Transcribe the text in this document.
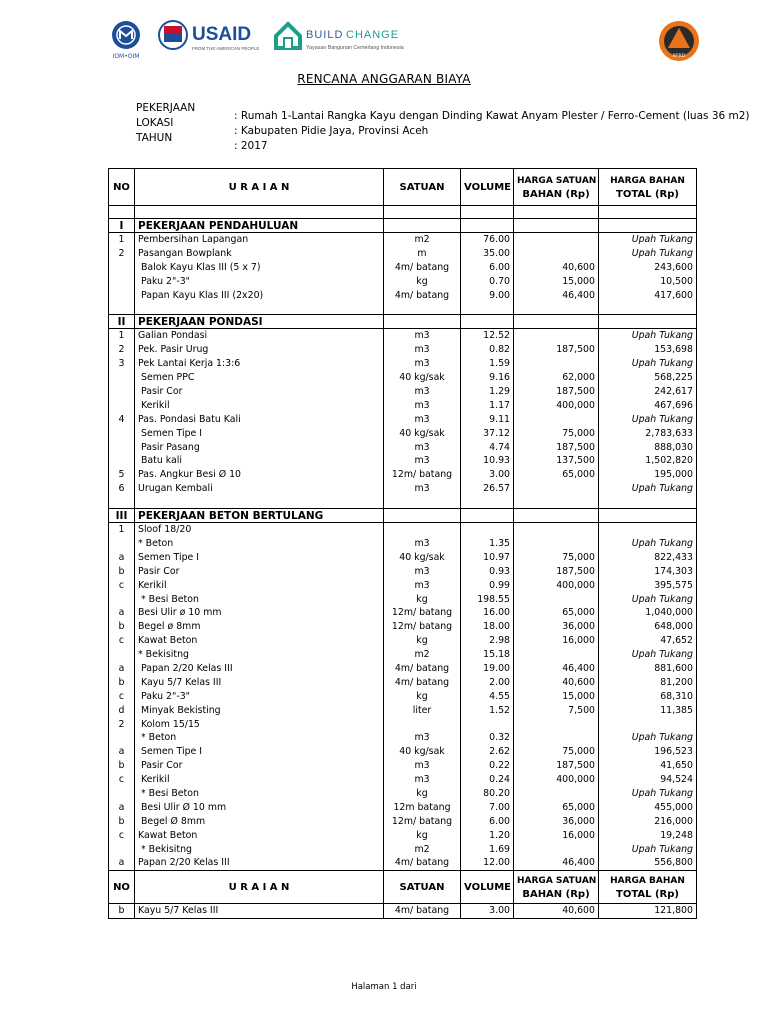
IOM•OIM
USAID
FROM THE AMERICAN PEOPLE
BUILD CHANGE
Yayasan Bangunan Cemerlang Indonesia
BPBD
RENCANA ANGGARAN BIAYA
PEKERJAAN
: Rumah 1-Lantai Rangka Kayu dengan Dinding Kawat Anyam Plester / Ferro-Cement (luas 36 m2)
LOKASI
: Kabupaten Pidie Jaya, Provinsi Aceh
TAHUN
: 2017
NO	U R A I A N	SATUAN	VOLUME	HARGA SATUAN
BAHAN (Rp)	HARGA BAHAN
TOTAL (Rp)

I	PEKERJAAN PENDAHULUAN				
1	Pembersihan Lapangan	m2	76.00		Upah Tukang
2	Pasangan Bowplank	m	35.00		Upah Tukang
	Balok Kayu Klas III (5 x 7)	4m/ batang	6.00	40,600	243,600
	Paku 2"-3"	kg	0.70	15,000	10,500
	Papan Kayu Klas III (2x20)	4m/ batang	9.00	46,400	417,600

II	PEKERJAAN PONDASI				
1	Galian Pondasi	m3	12.52		Upah Tukang
2	Pek. Pasir Urug	m3	0.82	187,500	153,698
3	Pek Lantai Kerja 1:3:6	m3	1.59		Upah Tukang
	Semen PPC	40 kg/sak	9.16	62,000	568,225
	Pasir Cor	m3	1.29	187,500	242,617
	Kerikil	m3	1.17	400,000	467,696
4	Pas. Pondasi Batu Kali	m3	9.11		Upah Tukang
	Semen Tipe I	40 kg/sak	37.12	75,000	2,783,633
	Pasir Pasang	m3	4.74	187,500	888,030
	Batu kali	m3	10.93	137,500	1,502,820
5	Pas. Angkur Besi Ø 10	12m/ batang	3.00	65,000	195,000
6	Urugan Kembali	m3	26.57		Upah Tukang

III	PEKERJAAN BETON BERTULANG				
1	Sloof 18/20				
	* Beton	m3	1.35		Upah Tukang
a	Semen Tipe I	40 kg/sak	10.97	75,000	822,433
b	Pasir Cor	m3	0.93	187,500	174,303
c	Kerikil	m3	0.99	400,000	395,575
	* Besi Beton	kg	198.55		Upah Tukang
a	Besi Ulir ø 10 mm	12m/ batang	16.00	65,000	1,040,000
b	Begel ø 8mm	12m/ batang	18.00	36,000	648,000
c	Kawat Beton	kg	2.98	16,000	47,652
	* Bekisitng	m2	15.18		Upah Tukang
a	Papan 2/20 Kelas III	4m/ batang	19.00	46,400	881,600
b	Kayu 5/7 Kelas III	4m/ batang	2.00	40,600	81,200
c	Paku 2"-3"	kg	4.55	15,000	68,310
d	Minyak Bekisting	liter	1.52	7,500	11,385
2	Kolom 15/15				
	* Beton	m3	0.32		Upah Tukang
a	Semen Tipe I	40 kg/sak	2.62	75,000	196,523
b	Pasir Cor	m3	0.22	187,500	41,650
c	Kerikil	m3	0.24	400,000	94,524
	* Besi Beton	kg	80.20		Upah Tukang
a	Besi Ulir Ø 10 mm	12m batang	7.00	65,000	455,000
b	Begel Ø 8mm	12m/ batang	6.00	36,000	216,000
c	Kawat Beton	kg	1.20	16,000	19,248
	* Bekisitng	m2	1.69		Upah Tukang
a	Papan 2/20 Kelas III	4m/ batang	12.00	46,400	556,800
NO	U R A I A N	SATUAN	VOLUME	HARGA SATUAN
BAHAN (Rp)	HARGA BAHAN
TOTAL (Rp)
b	Kayu 5/7 Kelas III	4m/ batang	3.00	40,600	121,800
Halaman 1 dari
